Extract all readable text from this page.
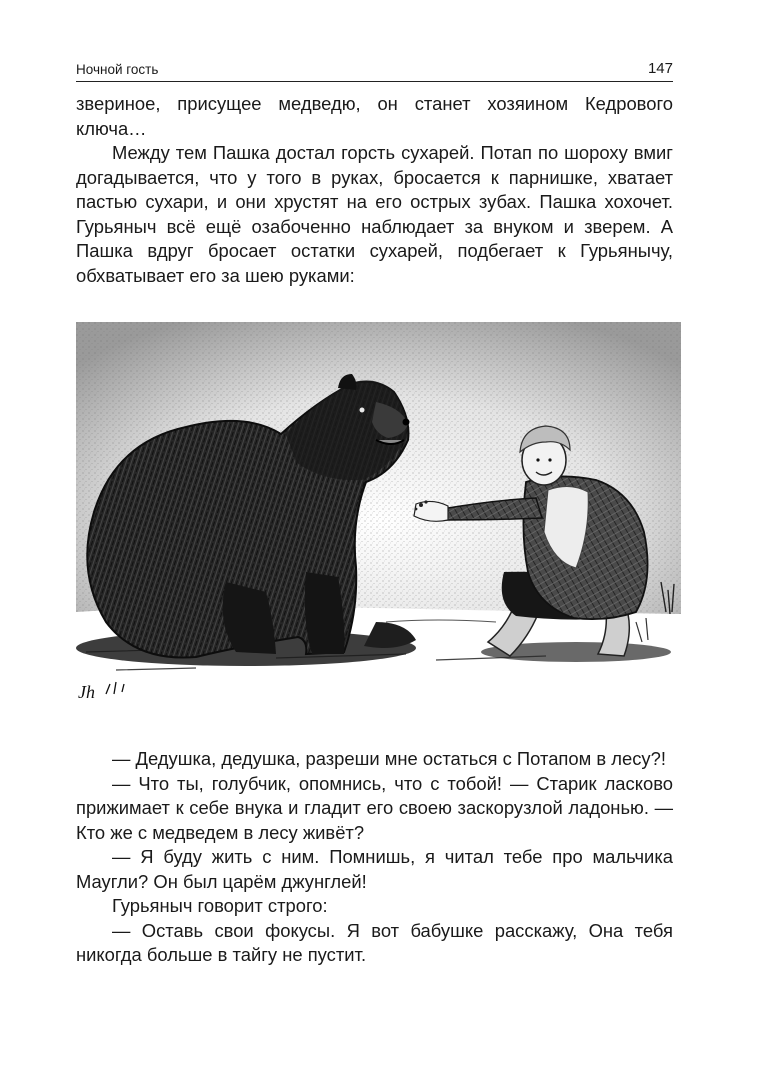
Ночной гость	147

звериное, присущее медведю, он станет хозяином Кедрового ключа…

Между тем Пашка достал горсть сухарей. Потап по шороху вмиг догадывается, что у того в руках, бросается к парнишке, хватает пастью сухари, и они хрустят на его острых зубах. Пашка хохочет. Гурьяныч всё ещё озабоченно наблюдает за внуком и зверем. А Пашка вдруг бросает остатки сухарей, подбегает к Гурьянычу, обхватывает его за шею руками:

Jh

— Дедушка, дедушка, разреши мне остаться с Потапом в лесу?!

— Что ты, голубчик, опомнись, что с тобой! — Старик ласково прижимает к себе внука и гладит его своею заскорузлой ладонью. — Кто же с медведем в лесу живёт?

— Я буду жить с ним. Помнишь, я читал тебе про мальчика Маугли? Он был царём джунглей!

Гурьяныч говорит строго:

— Оставь свои фокусы. Я вот бабушке расскажу, Она тебя никогда больше в тайгу не пустит.
